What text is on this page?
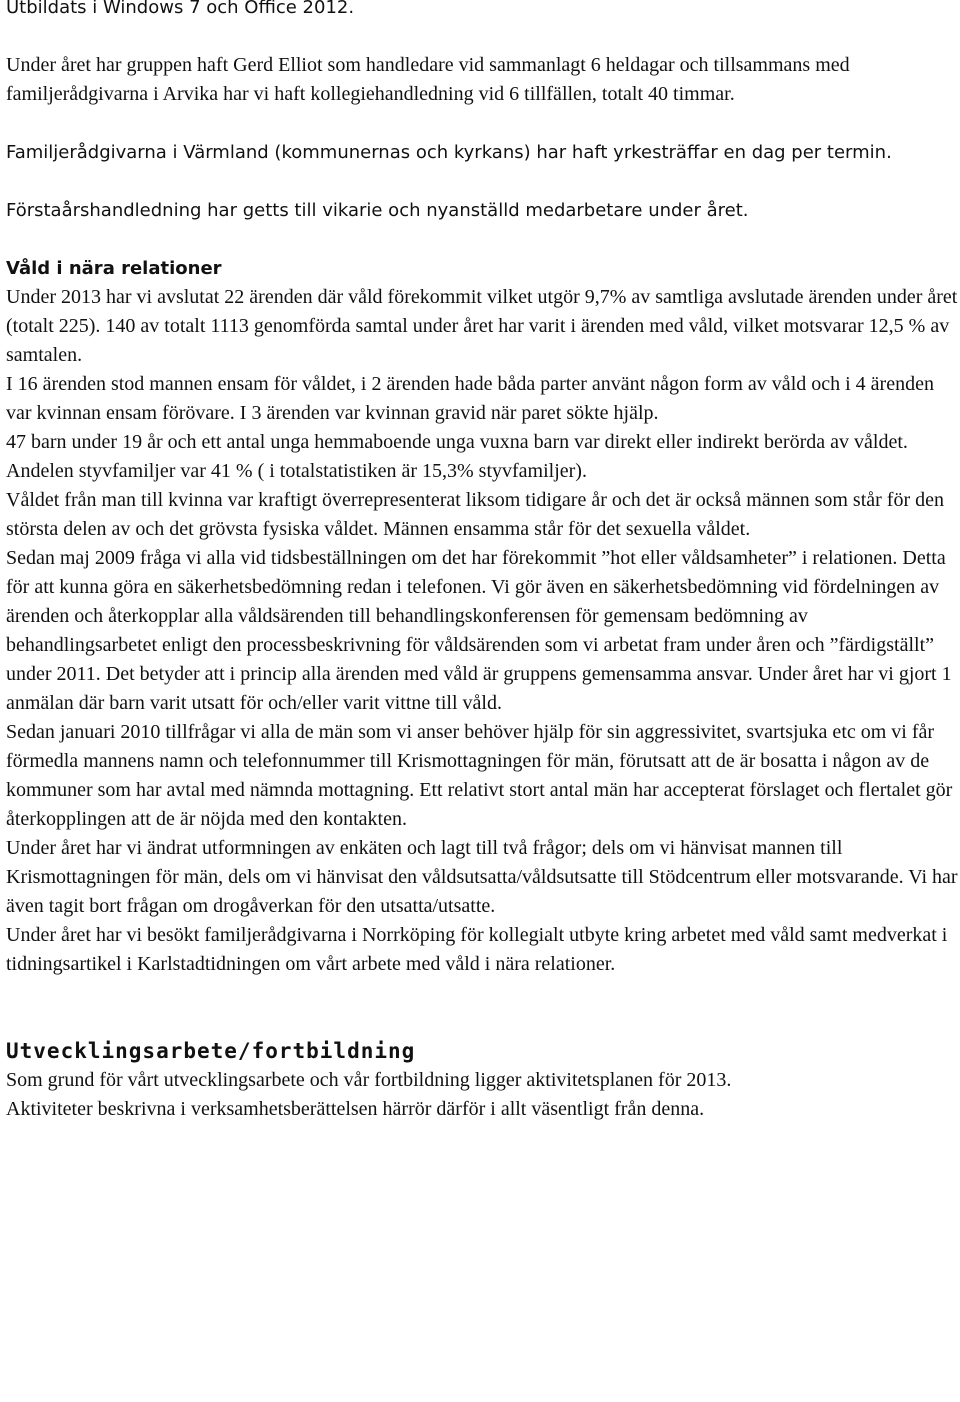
Utbildats i Windows 7 och Office 2012.

Under året har gruppen haft Gerd Elliot som handledare vid sammanlagt 6 heldagar och tillsammans med familjerådgivarna i Arvika har vi haft kollegiehandledning vid 6 tillfällen, totalt 40 timmar.

Familjerådgivarna i Värmland (kommunernas och kyrkans) har haft yrkesträffar en dag per termin.

Förstaårshandledning har getts till vikarie och nyanställd medarbetare under året.

Våld i nära relationer

Under 2013 har vi avslutat 22 ärenden där våld förekommit vilket utgör 9,7% av samtliga avslutade ärenden under året (totalt 225). 140 av totalt 1113 genomförda samtal under året har varit i ärenden med våld, vilket motsvarar 12,5 % av samtalen.

I 16 ärenden stod mannen ensam för våldet, i 2 ärenden hade båda parter använt någon form av våld och i 4 ärenden var kvinnan ensam förövare. I 3 ärenden var kvinnan gravid när paret sökte hjälp.

47 barn under 19 år och ett antal unga hemmaboende unga vuxna barn var direkt eller indirekt berörda av våldet. Andelen styvfamiljer var 41 % ( i totalstatistiken är 15,3% styvfamiljer).

Våldet från man till kvinna var kraftigt överrepresenterat liksom tidigare år och det är också männen som står för den största delen av och det grövsta fysiska våldet. Männen ensamma står för det sexuella våldet.

Sedan maj 2009 fråga vi alla vid tidsbeställningen om det har förekommit ”hot eller våldsamheter” i relationen. Detta för att kunna göra en säkerhetsbedömning redan i telefonen. Vi gör även en säkerhetsbedömning vid fördelningen av ärenden och återkopplar alla våldsärenden till behandlingskonferensen för gemensam bedömning av behandlingsarbetet enligt den processbeskrivning för våldsärenden som vi arbetat fram under åren och ”färdigställt” under 2011. Det betyder att i princip alla ärenden med våld är gruppens gemensamma ansvar. Under året har vi gjort 1 anmälan där barn varit utsatt för och/eller varit vittne till våld.

Sedan januari 2010 tillfrågar vi alla de män som vi anser behöver hjälp för sin aggressivitet, svartsjuka etc om vi får förmedla mannens namn och telefonnummer till Krismottagningen för män, förutsatt att de är bosatta i någon av de kommuner som har avtal med nämnda mottagning. Ett relativt stort antal män har accepterat förslaget och flertalet gör återkopplingen att de är nöjda med den kontakten.

Under året har vi ändrat utformningen av enkäten och lagt till två frågor; dels om vi hänvisat mannen till Krismottagningen för män, dels om vi hänvisat den våldsutsatta/våldsutsatte till Stödcentrum eller motsvarande. Vi har även tagit bort frågan om drogåverkan för den utsatta/utsatte.

Under året har vi besökt familjerådgivarna i Norrköping för kollegialt utbyte kring arbetet med våld samt medverkat i tidningsartikel i Karlstadtidningen om vårt arbete med våld i nära relationer.

Utvecklingsarbete/fortbildning

Som grund för vårt utvecklingsarbete och vår fortbildning ligger aktivitetsplanen för 2013.

Aktiviteter beskrivna i verksamhetsberättelsen härrör därför i allt väsentligt från denna.
